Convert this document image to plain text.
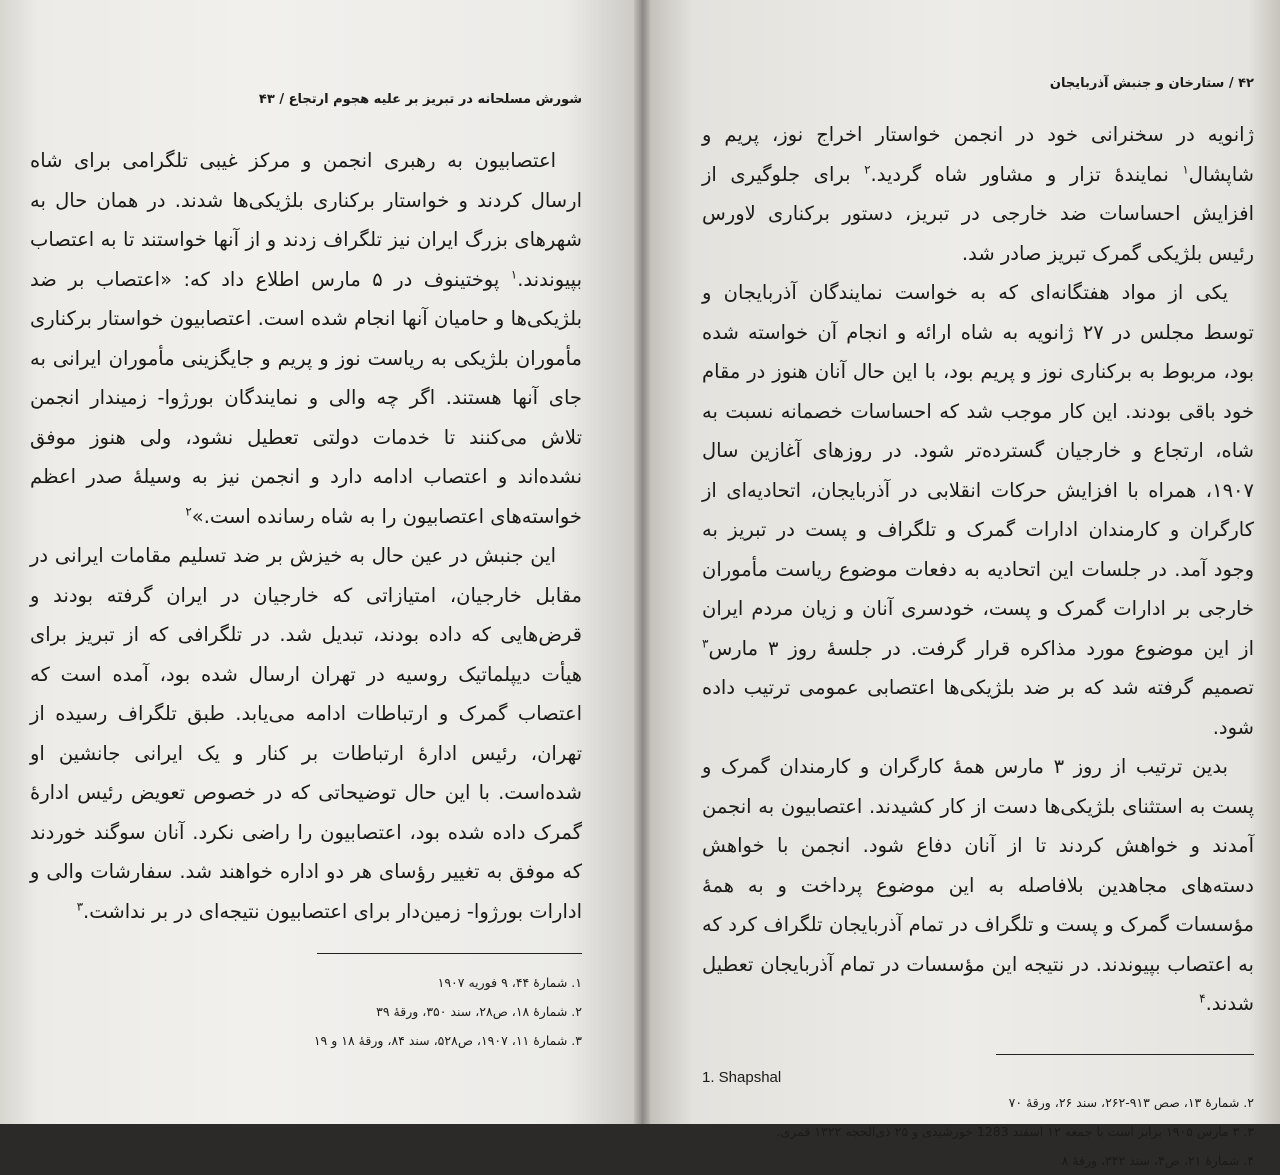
شورش مسلحانه در تبریز بر علیه هجوم ارتجاع / ۴۳

اعتصابیون به رهبری انجمن و مرکز غیبی تلگرامی برای شاه ارسال کردند و خواستار برکناری بلژیکی‌ها شدند. در همان حال به شهرهای بزرگ ایران نیز تلگراف زدند و از آنها خواستند تا به اعتصاب بپیوندند.$^۱$ پوختینوف در ۵ مارس اطلاع داد که: «اعتصاب بر ضد بلژیکی‌ها و حامیان آنها انجام شده است. اعتصابیون خواستار برکناری مأموران بلژیکی به ریاست نوز و پریم و جایگزینی مأموران ایرانی به جای آنها هستند. اگر چه والی و نمایندگان بورژوا- زمیندار انجمن تلاش می‌کنند تا خدمات دولتی تعطیل نشود، ولی هنوز موفق نشده‌اند و اعتصاب ادامه دارد و انجمن نیز به وسیلهٔ صدر اعظم خواسته‌های اعتصابیون را به شاه رسانده است.»$^۲$

این جنبش در عین حال به خیزش بر ضد تسلیم مقامات ایرانی در مقابل خارجیان، امتیازاتی که خارجیان در ایران گرفته بودند و قرض‌هایی که داده بودند، تبدیل شد. در تلگرافی که از تبریز برای هیأت دیپلماتیک روسیه در تهران ارسال شده بود، آمده است که اعتصاب گمرک و ارتباطات ادامه می‌یابد. طبق تلگراف رسیده از تهران، رئیس ادارهٔ ارتباطات بر کنار و یک ایرانی جانشین او شده‌است. با این حال توضیحاتی که در خصوص تعویض رئیس ادارهٔ گمرک داده شده بود، اعتصابیون را راضی نکرد. آنان سوگند خوردند که موفق به تغییر رؤسای هر دو اداره خواهند شد. سفارشات والی و ادارات بورژوا- زمین‌دار برای اعتصابیون نتیجه‌ای در بر نداشت.$^۳$

۱. شمارهٔ ۴۴، ۹ فوریه ۱۹۰۷
۲. شمارهٔ ۱۸، ص۲۸، سند ۳۵۰، ورقهٔ ۳۹
۳. شمارهٔ ۱۱، ۱۹۰۷، ص۵۲۸، سند ۸۴، ورقهٔ ۱۸ و ۱۹
۴۲ / ستارخان و جنبش آذربایجان

ژانویه در سخنرانی خود در انجمن خواستار اخراج نوز، پریم و شاپشال$^۱$ نمایندهٔ تزار و مشاور شاه گردید.$^۲$ برای جلوگیری از افزایش احساسات ضد خارجی در تبریز، دستور برکناری لاورس رئیس بلژیکی گمرک تبریز صادر شد.

یکی از مواد هفتگانه‌ای که به خواست نمایندگان آذربایجان و توسط مجلس در ۲۷ ژانویه به شاه ارائه و انجام آن خواسته شده بود، مربوط به برکناری نوز و پریم بود، با این حال آنان هنوز در مقام خود باقی بودند. این کار موجب شد که احساسات خصمانه نسبت به شاه، ارتجاع و خارجیان گسترده‌تر شود. در روزهای آغازین سال ۱۹۰۷، همراه با افزایش حرکات انقلابی در آذربایجان، اتحادیه‌ای از کارگران و کارمندان ادارات گمرک و تلگراف و پست در تبریز به وجود آمد. در جلسات این اتحادیه به دفعات موضوع ریاست مأموران خارجی بر ادارات گمرک و پست، خودسری آنان و زیان مردم ایران از این موضوع مورد مذاکره قرار گرفت. در جلسهٔ روز ۳ مارس$^۳$ تصمیم گرفته شد که بر ضد بلژیکی‌ها اعتصابی عمومی ترتیب داده شود.

بدین ترتیب از روز ۳ مارس همهٔ کارگران و کارمندان گمرک و پست به استثنای بلژیکی‌ها دست از کار کشیدند. اعتصابیون به انجمن آمدند و خواهش کردند تا از آنان دفاع شود. انجمن با خواهش دسته‌های مجاهدین بلافاصله به این موضوع پرداخت و به همهٔ مؤسسات گمرک و پست و تلگراف در تمام آذربایجان تلگراف کرد که به اعتصاب بپیوندند. در نتیجه این مؤسسات در تمام آذربایجان تعطیل شدند.$^۴$

1. Shapshal
۲. شمارهٔ ۱۳، صص ۹۱۳-۲۶۲، سند ۲۶، ورقهٔ ۷۰
۳. ۳ مارس ۱۹۰۵ برابر است با جمعه ۱۲ اسفند 1283 خورشیدی و ۲۵ ذی‌الحجه ۱۳۲۲ قمری.
۴. شمارهٔ ۲۱، ص۴، سند ۳۴۲، ورقهٔ ۸
